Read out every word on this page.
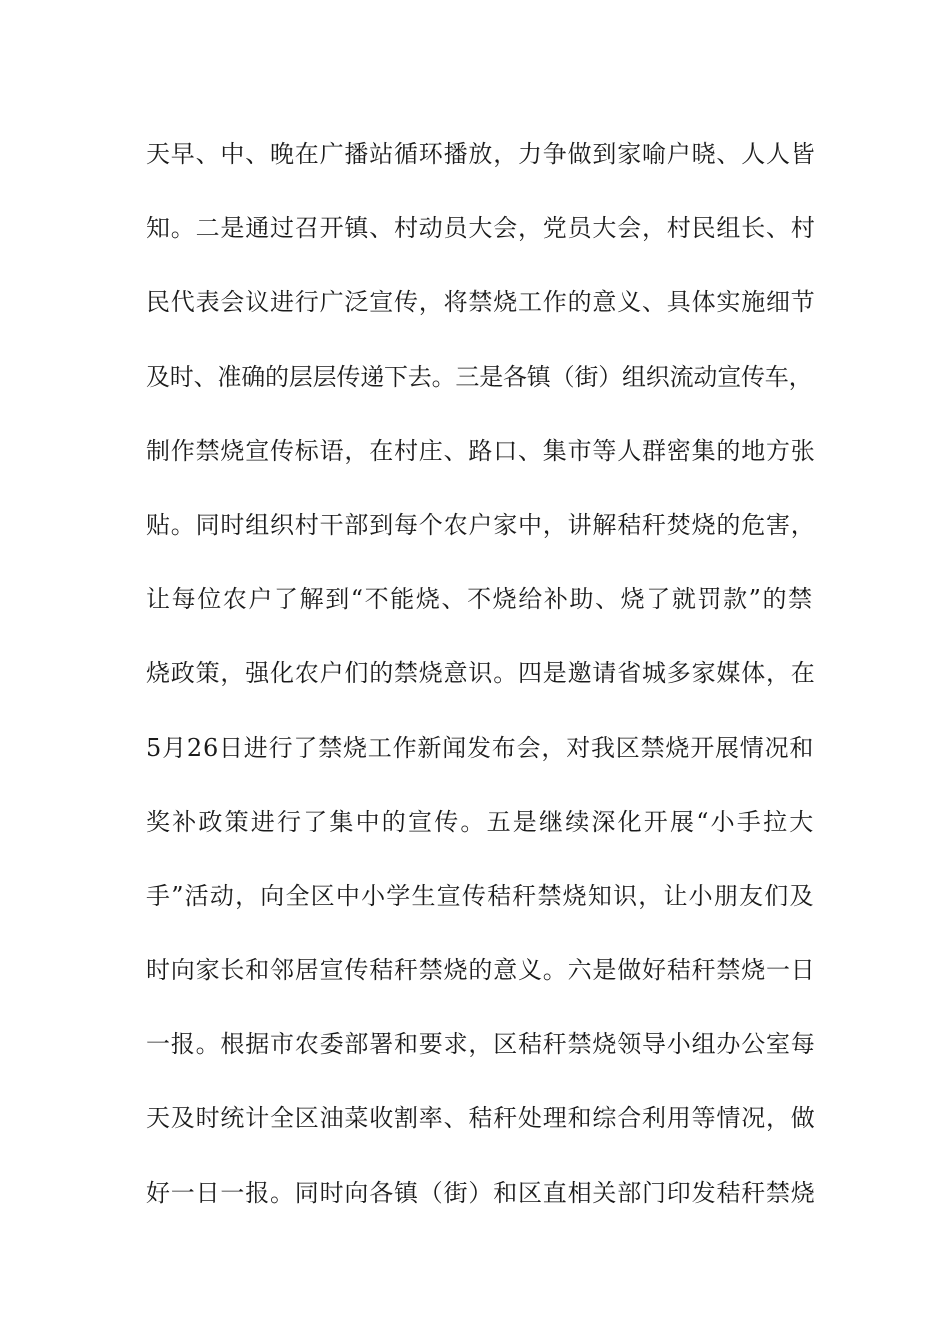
天早、中、晚在广播站循环播放，力争做到家喻户晓、人人皆
知。二是通过召开镇、村动员大会，党员大会，村民组长、村
民代表会议进行广泛宣传，将禁烧工作的意义、具体实施细节
及时、准确的层层传递下去。三是各镇（街）组织流动宣传车，
制作禁烧宣传标语，在村庄、路口、集市等人群密集的地方张
贴。同时组织村干部到每个农户家中，讲解秸秆焚烧的危害，
让每位农户了解到“不能烧、不烧给补助、烧了就罚款”的禁
烧政策，强化农户们的禁烧意识。四是邀请省城多家媒体，在
5月26日进行了禁烧工作新闻发布会，对我区禁烧开展情况和
奖补政策进行了集中的宣传。五是继续深化开展“小手拉大
手”活动，向全区中小学生宣传秸秆禁烧知识，让小朋友们及
时向家长和邻居宣传秸秆禁烧的意义。六是做好秸秆禁烧一日
一报。根据市农委部署和要求，区秸秆禁烧领导小组办公室每
天及时统计全区油菜收割率、秸秆处理和综合利用等情况，做
好一日一报。同时向各镇（街）和区直相关部门印发秸秆禁烧
